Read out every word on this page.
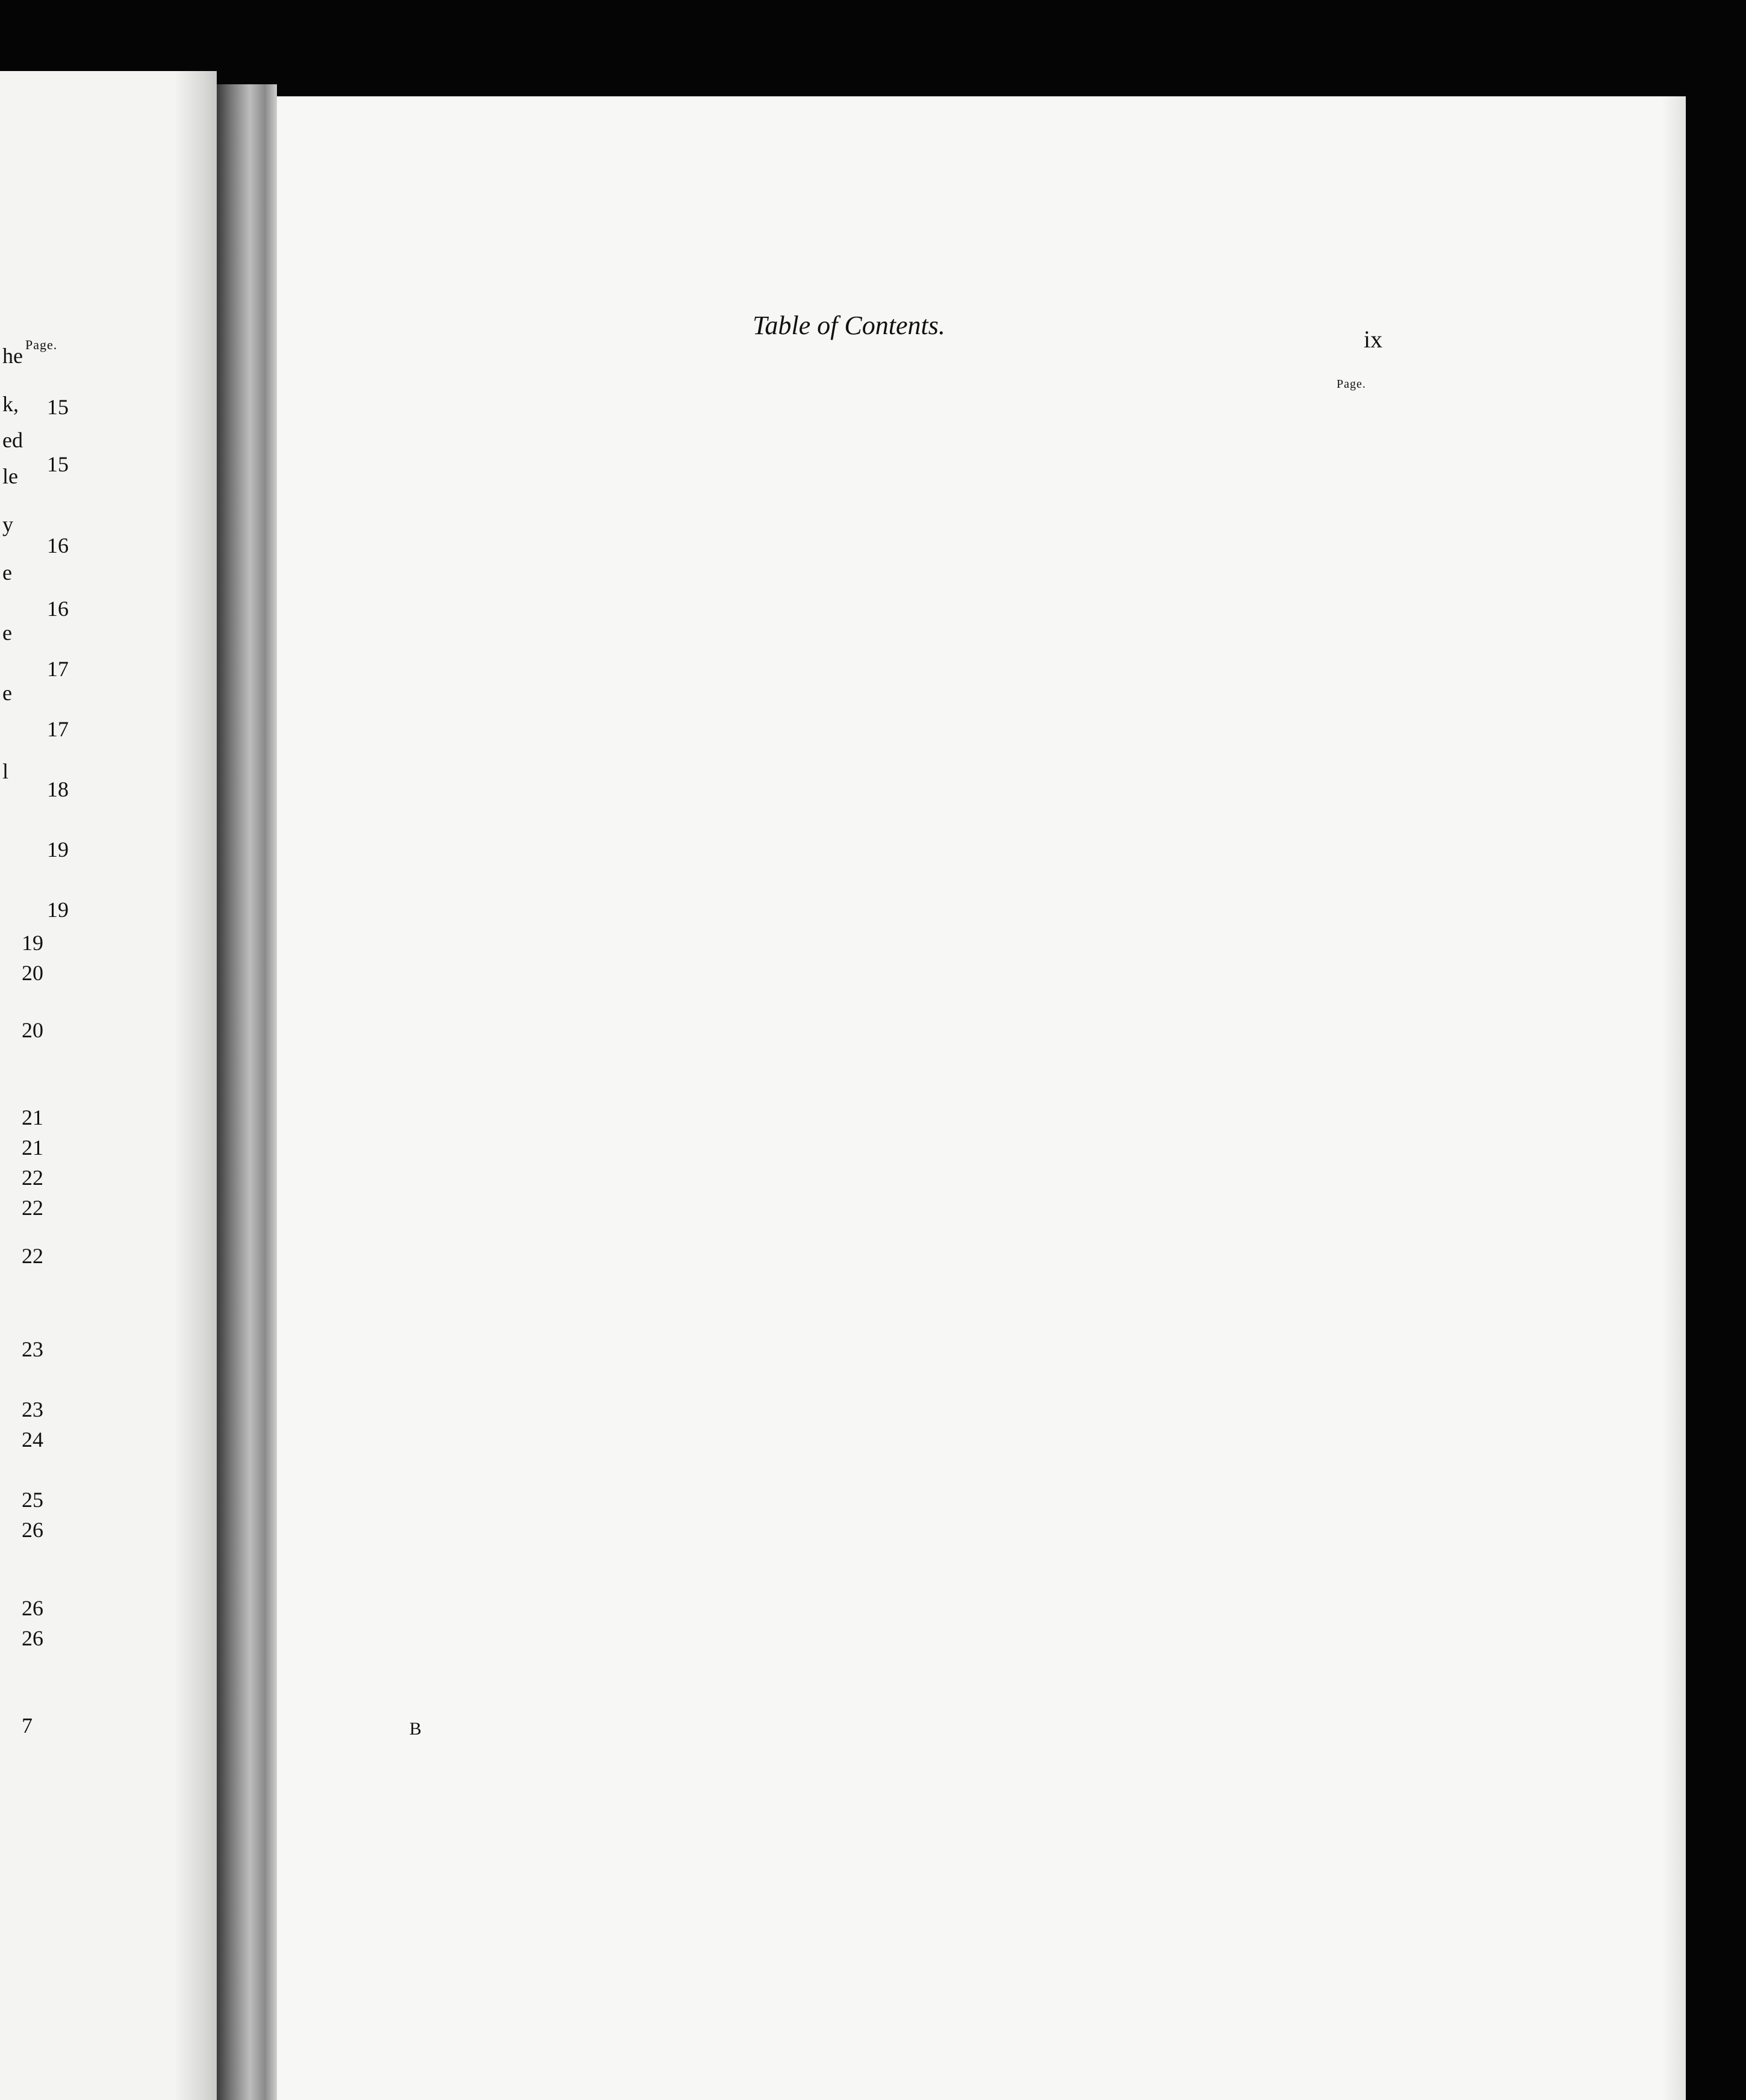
Page.
he
k,
ed
le
y
e
e
e
l
15
15
16
16
17
17
18
19
19
19
20
20
21
21
22
22
22
23
23
24
25
26
26
26
7
Table of Contents.	ix
Page.
B
